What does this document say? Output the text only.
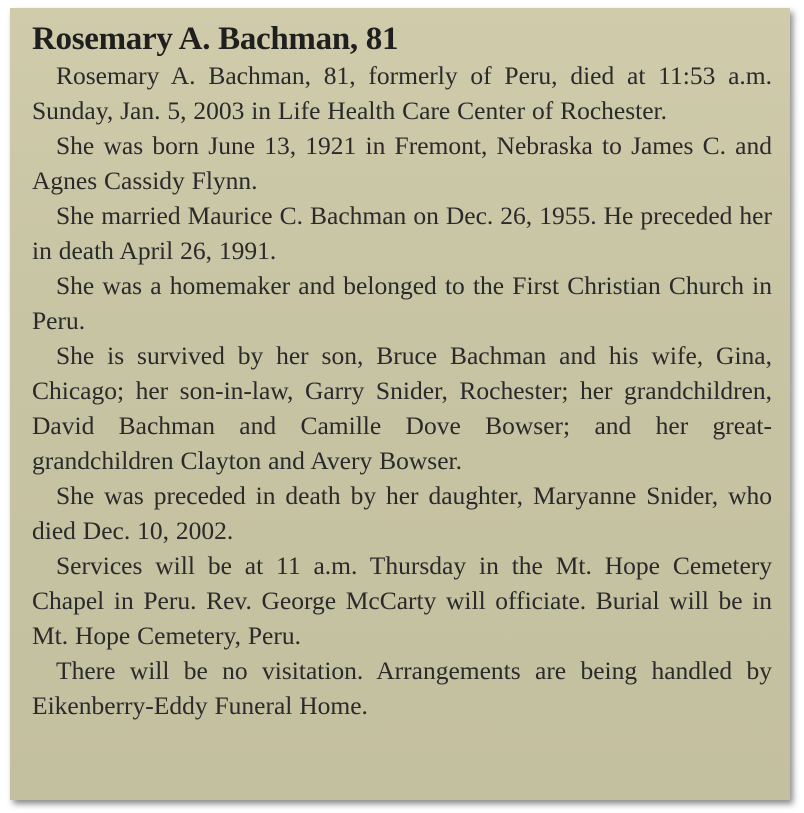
Rosemary A. Bachman, 81

Rosemary A. Bachman, 81, formerly of Peru, died at 11:53 a.m. Sunday, Jan. 5, 2003 in Life Health Care Center of Rochester.

She was born June 13, 1921 in Fremont, Nebraska to James C. and Agnes Cassidy Flynn.

She married Maurice C. Bachman on Dec. 26, 1955. He preceded her in death April 26, 1991.

She was a homemaker and belonged to the First Christian Church in Peru.

She is survived by her son, Bruce Bachman and his wife, Gina, Chicago; her son-in-law, Garry Snider, Rochester; her grandchildren, David Bachman and Camille Dove Bowser; and her great-grandchildren Clayton and Avery Bowser.

She was preceded in death by her daughter, Maryanne Snider, who died Dec. 10, 2002.

Services will be at 11 a.m. Thursday in the Mt. Hope Cemetery Chapel in Peru. Rev. George McCarty will officiate. Burial will be in Mt. Hope Cemetery, Peru.

There will be no visitation. Arrangements are being handled by Eikenberry-Eddy Funeral Home.
